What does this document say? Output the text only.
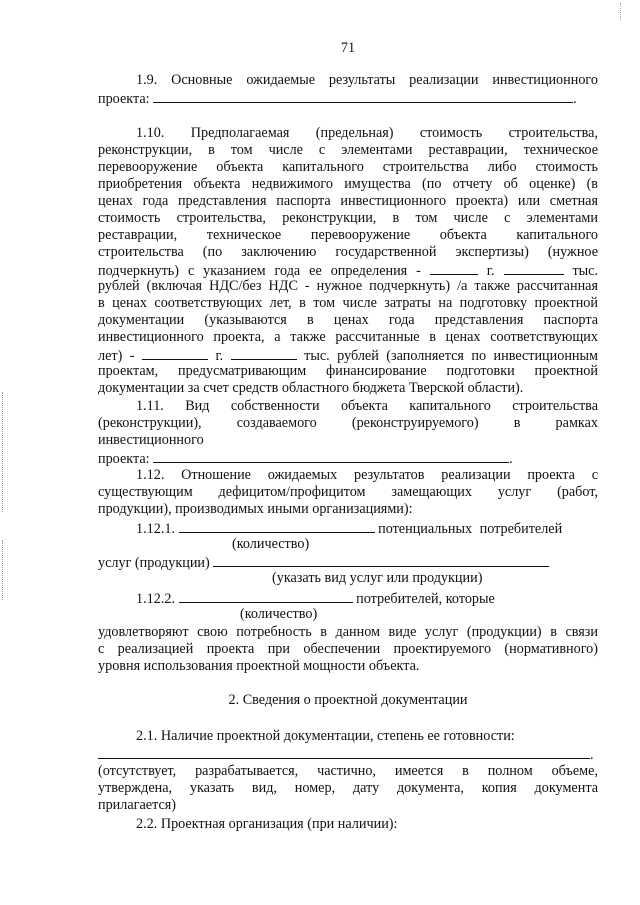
71
1.9. Основные ожидаемые результаты реализации инвестиционного
проекта:	.
1.10. Предполагаемая (предельная) стоимость строительства,
реконструкции, в том числе с элементами реставрации, техническое
перевооружение объекта капитального строительства либо стоимость
приобретения объекта недвижимого имущества (по отчету об оценке) (в
ценах года представления паспорта инвестиционного проекта) или сметная
стоимость строительства, реконструкции, в том числе с элементами
реставрации, техническое перевооружение объекта капитального
строительства (по заключению государственной экспертизы) (нужное
подчеркнуть) с указанием года ее определения -	г.	тыс.
рублей (включая НДС/без НДС - нужное подчеркнуть) /а также рассчитанная
в ценах соответствующих лет, в том числе затраты на подготовку проектной
документации (указываются в ценах года представления паспорта
инвестиционного проекта, а также рассчитанные в ценах соответствующих
лет) -	г.	тыс. рублей (заполняется по инвестиционным
проектам, предусматривающим финансирование подготовки проектной
документации за счет средств областного бюджета Тверской области).
1.11. Вид собственности объекта капитального строительства
(реконструкции), создаваемого (реконструируемого) в рамках
инвестиционного
проекта:	.
1.12. Отношение ожидаемых результатов реализации проекта с
существующим дефицитом/профицитом замещающих услуг (работ,
продукции), производимых иными организациями):
1.12.1.	потенциальных потребителей
(количество)
услуг (продукции)
(указать вид услуг или продукции)
1.12.2.	потребителей, которые
(количество)
удовлетворяют свою потребность в данном виде услуг (продукции) в связи
с реализацией проекта при обеспечении проектируемого (нормативного)
уровня использования проектной мощности объекта.
2. Сведения о проектной документации
2.1. Наличие проектной документации, степень ее готовности:
.
(отсутствует, разрабатывается, частично, имеется в полном объеме,
утверждена, указать вид, номер, дату документа, копия документа
прилагается)
2.2. Проектная организация (при наличии):
